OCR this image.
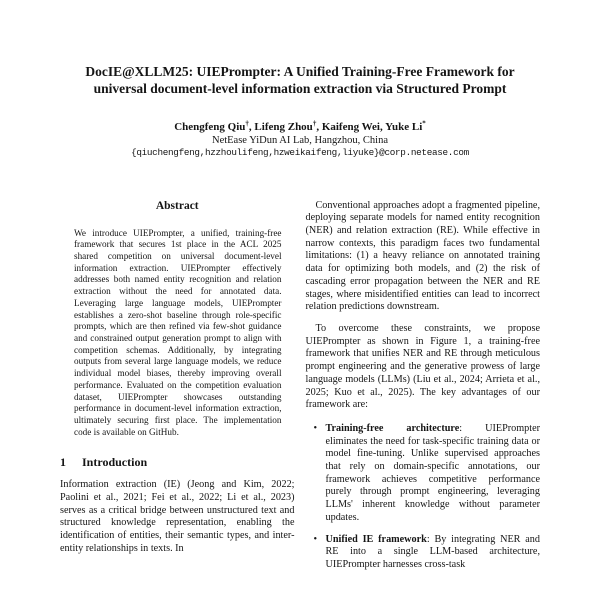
DocIE@XLLM25: UIEPrompter: A Unified Training-Free Framework for
universal document-level information extraction via Structured Prompt
Chengfeng Qiu†, Lifeng Zhou†, Kaifeng Wei, Yuke Li*
NetEase YiDun AI Lab, Hangzhou, China
{qiuchengfeng,hzzhoulifeng,hzweikaifeng,liyuke}@corp.netease.com
Abstract

We introduce UIEPrompter, a unified, training-free framework that secures 1st place in the ACL 2025 shared competition on universal document-level information extraction. UIEPrompter effectively addresses both named entity recognition and relation extraction without the need for annotated data. Leveraging large language models, UIEPrompter establishes a zero-shot baseline through role-specific prompts, which are then refined via few-shot guidance and constrained output generation prompt to align with competition schemas. Additionally, by integrating outputs from several large language models, we reduce individual model biases, thereby improving overall performance. Evaluated on the competition evaluation dataset, UIEPrompter showcases outstanding performance in document-level information extraction, ultimately securing first place. The implementation code is available on GitHub.

1 Introduction

Information extraction (IE) (Jeong and Kim, 2022; Paolini et al., 2021; Fei et al., 2022; Li et al., 2023) serves as a critical bridge between unstructured text and structured knowledge representation, enabling the identification of entities, their semantic types, and inter-entity relationships in texts. In

Conventional approaches adopt a fragmented pipeline, deploying separate models for named entity recognition (NER) and relation extraction (RE). While effective in narrow contexts, this paradigm faces two fundamental limitations: (1) a heavy reliance on annotated training data for optimizing both models, and (2) the risk of cascading error propagation between the NER and RE stages, where misidentified entities can lead to incorrect relation predictions downstream.

To overcome these constraints, we propose UIEPrompter as shown in Figure 1, a training-free framework that unifies NER and RE through meticulous prompt engineering and the generative prowess of large language models (LLMs) (Liu et al., 2024; Arrieta et al., 2025; Kuo et al., 2025). The key advantages of our framework are:

• Training-free architecture: UIEPrompter eliminates the need for task-specific training data or model fine-tuning. Unlike supervised approaches that rely on domain-specific annotations, our framework achieves competitive performance purely through prompt engineering, leveraging LLMs' inherent knowledge without parameter updates.
• Unified IE framework: By integrating NER and RE into a single LLM-based architecture, UIEPrompter harnesses cross-task
